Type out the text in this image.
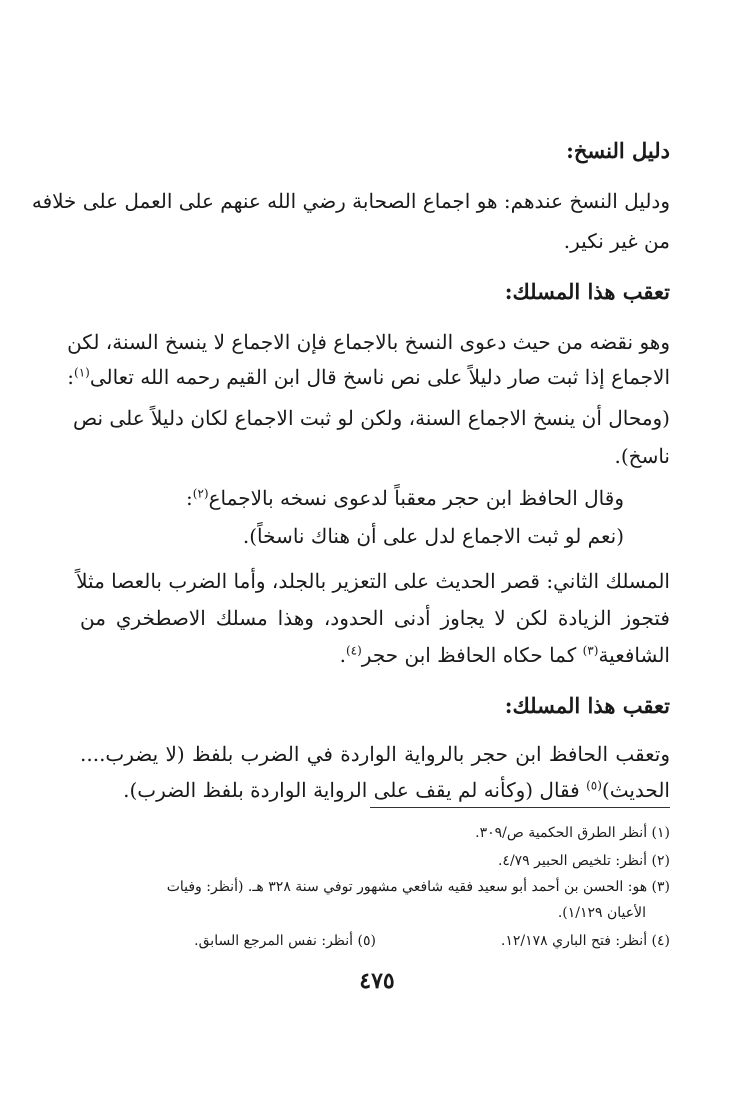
دليل النسخ:
ودليل النسخ عندهم: هو اجماع الصحابة رضي الله عنهم على العمل على خلافه
من غير نكير.
تعقب هذا المسلك:
وهو نقضه من حيث دعوى النسخ بالاجماع فإن الاجماع لا ينسخ السنة، لكن
الاجماع إذا ثبت صار دليلاً على نص ناسخ قال ابن القيم رحمه الله تعالى$^{(١)}$:
(ومحال أن ينسخ الاجماع السنة، ولكن لو ثبت الاجماع لكان دليلاً على نص
ناسخ).
وقال الحافظ ابن حجر معقباً لدعوى نسخه بالاجماع$^{(٢)}$:
(نعم لو ثبت الاجماع لدل على أن هناك ناسخاً).
المسلك الثاني: قصر الحديث على التعزير بالجلد، وأما الضرب بالعصا مثلاً
فتجوز الزيادة لكن لا يجاوز أدنى الحدود، وهذا مسلك الاصطخري من
الشافعية$^{(٣)}$ كما حكاه الحافظ ابن حجر$^{(٤)}$.
تعقب هذا المسلك:
وتعقب الحافظ ابن حجر بالرواية الواردة في الضرب بلفظ (لا يضرب....
الحديث)$^{(٥)}$ فقال (وكأنه لم يقف على الرواية الواردة بلفظ الضرب).
(١) أنظر الطرق الحكمية ص/٣٠٩.
(٢) أنظر: تلخيص الحبير ٤/٧٩.
(٣) هو: الحسن بن أحمد أبو سعيد فقيه شافعي مشهور توفي سنة ٣٢٨ هـ. (أنظر: وفيات
الأعيان ١/١٢٩).
(٤) أنظر: فتح الباري ١٢/١٧٨.
(٥) أنظر: نفس المرجع السابق.
٤٧٥
